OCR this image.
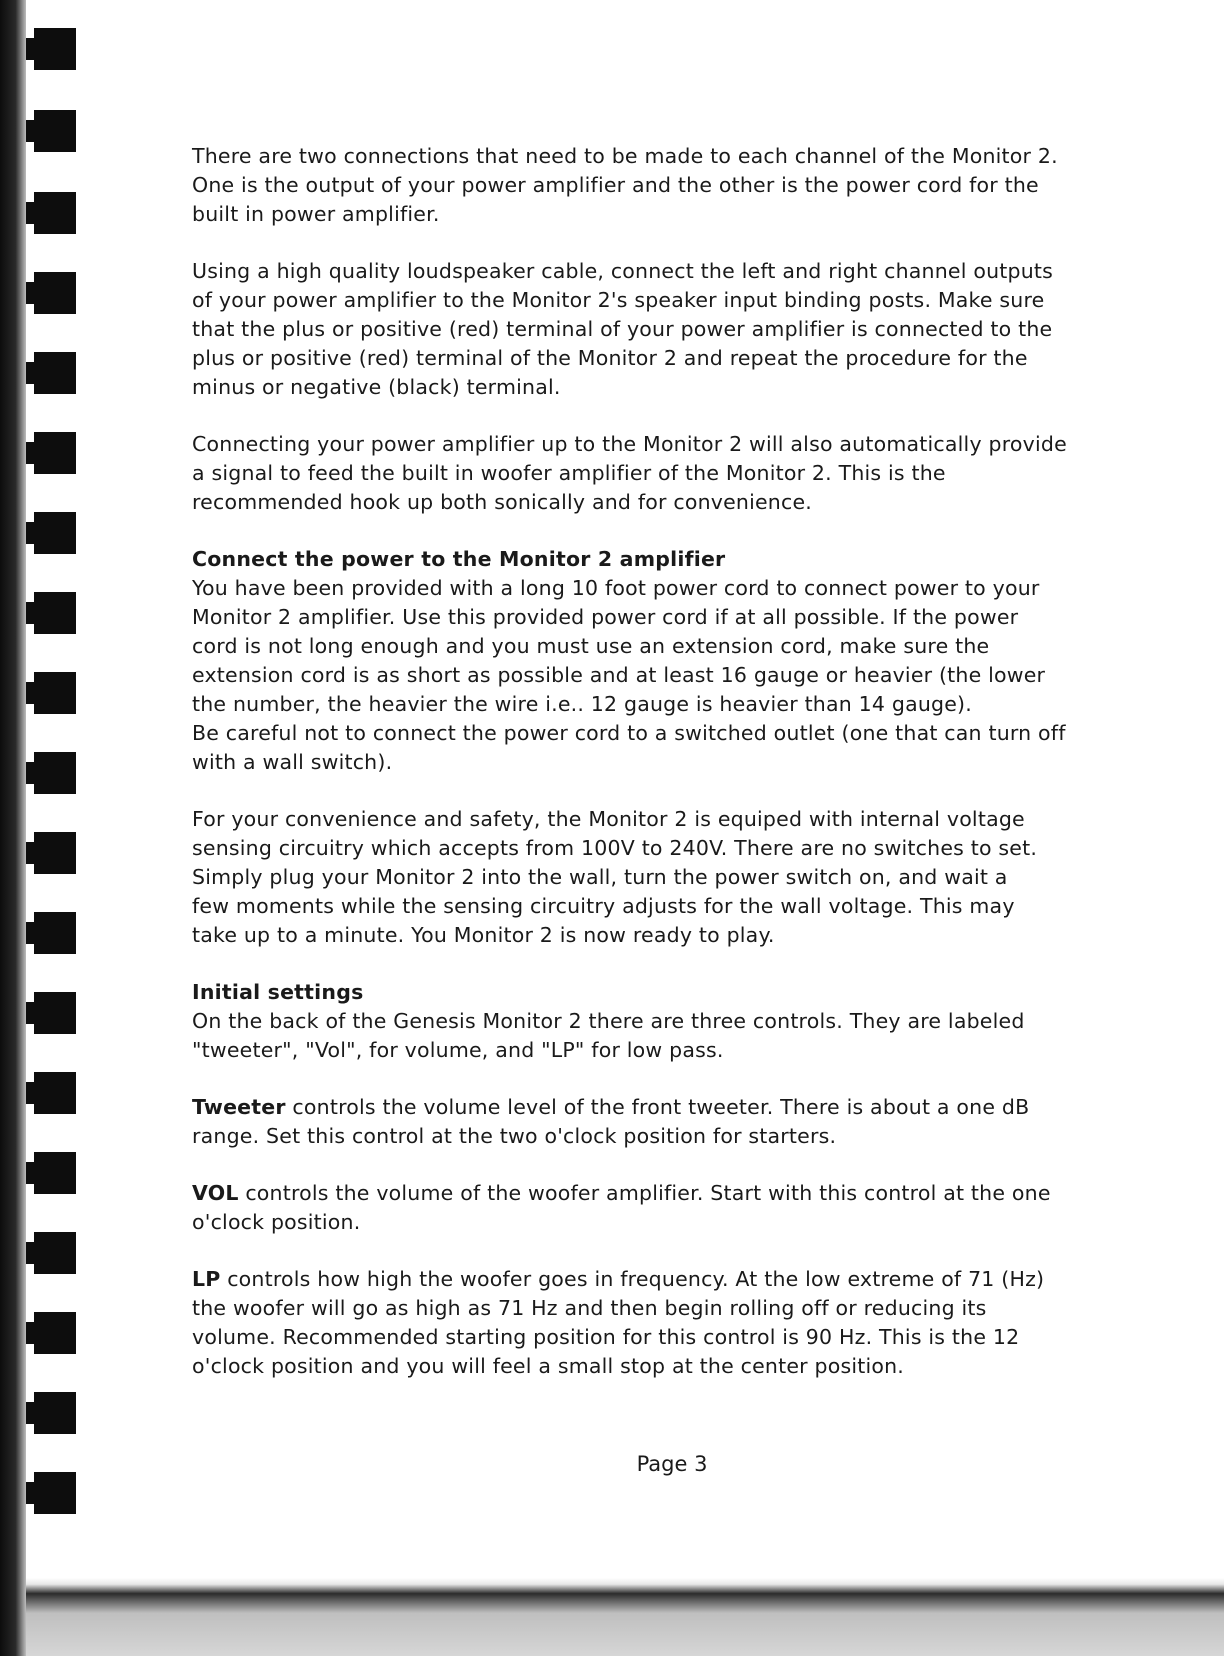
There are two connections that need to be made to each channel of the Monitor 2.
One is the output of your power amplifier and the other is the power cord for the
built in power amplifier.
Using a high quality loudspeaker cable, connect the left and right channel outputs
of your power amplifier to the Monitor 2's speaker input binding posts. Make sure
that the plus or positive (red) terminal of your power amplifier is connected to the
plus or positive (red) terminal of the Monitor 2 and repeat the procedure for the
minus or negative (black) terminal.
Connecting your power amplifier up to the Monitor 2 will also automatically provide
a signal to feed the built in woofer amplifier of the Monitor 2. This is the
recommended hook up both sonically and for convenience.
Connect the power to the Monitor 2 amplifier
You have been provided with a long 10 foot power cord to connect power to your
Monitor 2 amplifier. Use this provided power cord if at all possible. If the power
cord is not long enough and you must use an extension cord, make sure the
extension cord is as short as possible and at least 16 gauge or heavier (the lower
the number, the heavier the wire i.e.. 12 gauge is heavier than 14 gauge).
Be careful not to connect the power cord to a switched outlet (one that can turn off
with a wall switch).
For your convenience and safety, the Monitor 2 is equiped with internal voltage
sensing circuitry which accepts from 100V to 240V. There are no switches to set.
Simply plug your Monitor 2 into the wall, turn the power switch on, and wait a
few moments while the sensing circuitry adjusts for the wall voltage. This may
take up to a minute. You Monitor 2 is now ready to play.
Initial settings
On the back of the Genesis Monitor 2 there are three controls. They are labeled
"tweeter", "Vol", for volume, and "LP" for low pass.
Tweeter controls the volume level of the front tweeter. There is about a one dB
range. Set this control at the two o'clock position for starters.
VOL controls the volume of the woofer amplifier. Start with this control at the one
o'clock position.
LP controls how high the woofer goes in frequency. At the low extreme of 71 (Hz)
the woofer will go as high as 71 Hz and then begin rolling off or reducing its
volume. Recommended starting position for this control is 90 Hz. This is the 12
o'clock position and you will feel a small stop at the center position.
Page 3
